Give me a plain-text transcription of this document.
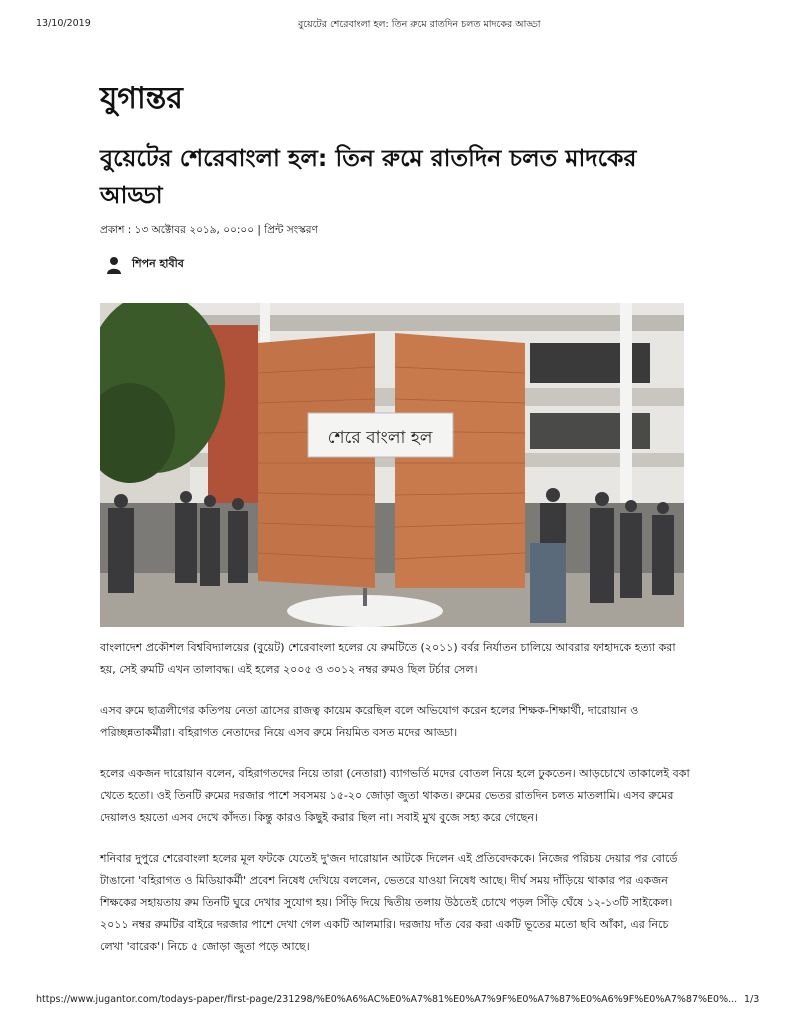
13/10/2019	বুয়েটের শেরেবাংলা হল: তিন রুমে রাতদিন চলত মাদকের আড্ডা
যুগান্তর
বুয়েটের শেরেবাংলা হল: তিন রুমে রাতদিন চলত মাদকের আড্ডা
প্রকাশ : ১৩ অক্টোবর ২০১৯, ০০:০০ | প্রিন্ট সংস্করণ
শিপন হাবীব
শেরে বাংলা হল

বাংলাদেশ প্রকৌশল বিশ্ববিদ্যালয়ের (বুয়েট) শেরেবাংলা হলের যে রুমটিতে (২০১১) বর্বর নির্যাতন চালিয়ে আবরার ফাহাদকে হত্যা করা হয়, সেই রুমটি এখন তালাবদ্ধ। এই হলের ২০০৫ ও ৩০১২ নম্বর রুমও ছিল টর্চার সেল।

এসব রুমে ছাত্রলীগের কতিপয় নেতা ত্রাসের রাজত্ব কায়েম করেছিল বলে অভিযোগ করেন হলের শিক্ষক-শিক্ষার্থী, দারোয়ান ও পরিচ্ছন্নতাকর্মীরা। বহিরাগত নেতাদের নিয়ে এসব রুমে নিয়মিত বসত মদের আড্ডা।

হলের একজন দারোয়ান বলেন, বহিরাগতদের নিয়ে তারা (নেতারা) ব্যাগভর্তি মদের বোতল নিয়ে হলে ঢুকতেন। আড়চোখে তাকালেই বকা খেতে হতো। ওই তিনটি রুমের দরজার পাশে সবসময় ১৫-২০ জোড়া জুতা থাকত। রুমের ভেতর রাতদিন চলত মাতলামি। এসব রুমের দেয়ালও হয়তো এসব দেখে কাঁদত। কিন্তু কারও কিছুই করার ছিল না। সবাই মুখ বুজে সহ্য করে গেছেন।

শনিবার দুপুরে শেরেবাংলা হলের মূল ফটকে যেতেই দু'জন দারোয়ান আটকে দিলেন এই প্রতিবেদককে। নিজের পরিচয় দেয়ার পর বোর্ডে টাঙানো 'বহিরাগত ও মিডিয়াকর্মী' প্রবেশ নিষেধ দেখিয়ে বললেন, ভেতরে যাওয়া নিষেধ আছে। দীর্ঘ সময় দাঁড়িয়ে থাকার পর একজন শিক্ষকের সহায়তায় রুম তিনটি ঘুরে দেখার সুযোগ হয়। সিঁড়ি দিয়ে দ্বিতীয় তলায় উঠতেই চোখে পড়ল সিঁড়ি ঘেঁষে ১২-১৩টি সাইকেল। ২০১১ নম্বর রুমটির বাইরে দরজার পাশে দেখা গেল একটি আলমারি। দরজায় দাঁত বের করা একটি ভূতের মতো ছবি আঁকা, এর নিচে লেখা 'বারেক'। নিচে ৫ জোড়া জুতা পড়ে আছে।

https://www.jugantor.com/todays-paper/first-page/231298/%E0%A6%AC%E0%A7%81%E0%A7%9F%E0%A7%87%E0%A6%9F%E0%A7%87%E0%... 1/3
